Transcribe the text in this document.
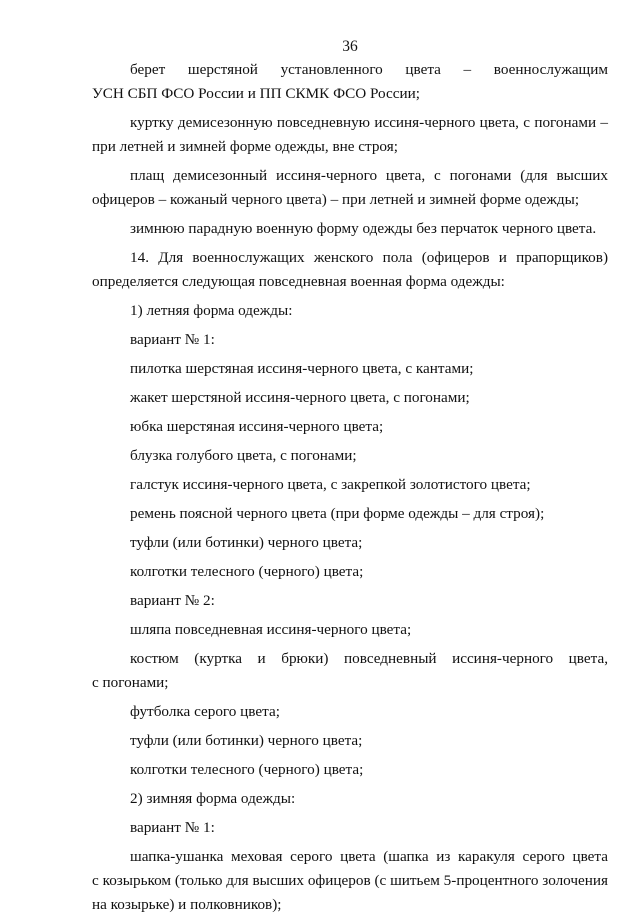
36
берет шерстяной установленного цвета – военнослужащим
УСН СБП ФСО России и ПП СКМК ФСО России;
куртку демисезонную повседневную иссиня-черного цвета, с погонами –
при летней и зимней форме одежды, вне строя;
плащ демисезонный иссиня-черного цвета, с погонами (для высших
офицеров – кожаный черного цвета) – при летней и зимней форме одежды;
зимнюю парадную военную форму одежды без перчаток черного цвета.
14. Для военнослужащих женского пола (офицеров и прапорщиков)
определяется следующая повседневная военная форма одежды:
1) летняя форма одежды:
вариант № 1:
пилотка шерстяная иссиня-черного цвета, с кантами;
жакет шерстяной иссиня-черного цвета, с погонами;
юбка шерстяная иссиня-черного цвета;
блузка голубого цвета, с погонами;
галстук иссиня-черного цвета, с закрепкой золотистого цвета;
ремень поясной черного цвета (при форме одежды – для строя);
туфли (или ботинки) черного цвета;
колготки телесного (черного) цвета;
вариант № 2:
шляпа повседневная иссиня-черного цвета;
костюм (куртка и брюки) повседневный иссиня-черного цвета,
с погонами;
футболка серого цвета;
туфли (или ботинки) черного цвета;
колготки телесного (черного) цвета;
2) зимняя форма одежды:
вариант № 1:
шапка-ушанка меховая серого цвета (шапка из каракуля серого цвета
с козырьком (только для высших офицеров (с шитьем 5-процентного золочения
на козырьке) и полковников);
